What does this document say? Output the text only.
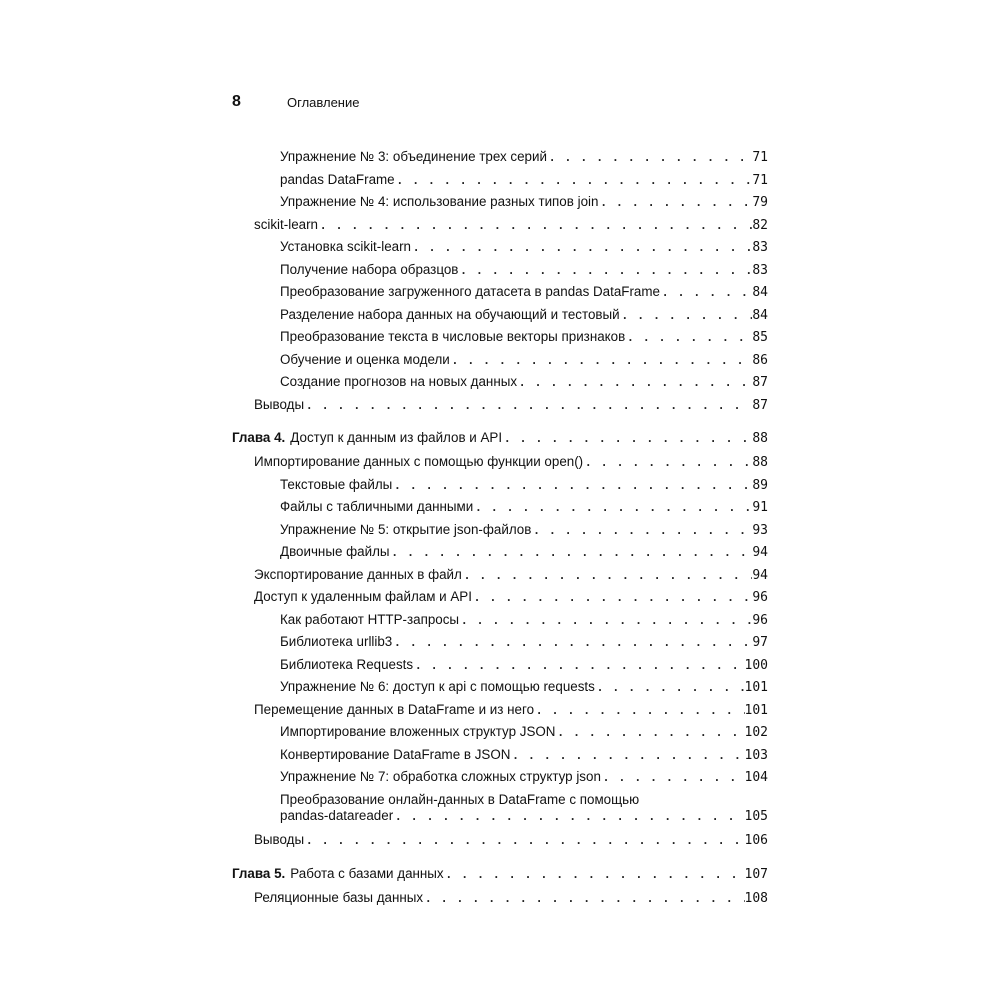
8	Оглавление
Упражнение № 3: объединение трех серий . . .	71
pandas DataFrame . . .	71
Упражнение № 4: использование разных типов join . . .	79
scikit-learn . . .	82
Установка scikit-learn . . .	83
Получение набора образцов . . .	83
Преобразование загруженного датасета в pandas DataFrame . . .	84
Разделение набора данных на обучающий и тестовый . . .	84
Преобразование текста в числовые векторы признаков . . .	85
Обучение и оценка модели . . .	86
Создание прогнозов на новых данных . . .	87
Выводы . . .	87
Глава 4. Доступ к данным из файлов и API . . .	88
Импортирование данных с помощью функции open() . . .	88
Текстовые файлы . . .	89
Файлы с табличными данными . . .	91
Упражнение № 5: открытие json-файлов . . .	93
Двоичные файлы . . .	94
Экспортирование данных в файл . . .	94
Доступ к удаленным файлам и API . . .	96
Как работают HTTP-запросы . . .	96
Библиотека urllib3 . . .	97
Библиотека Requests . . .	100
Упражнение № 6: доступ к api с помощью requests . . .	101
Перемещение данных в DataFrame и из него . . .	101
Импортирование вложенных структур JSON . . .	102
Конвертирование DataFrame в JSON . . .	103
Упражнение № 7: обработка сложных структур json . . .	104
Преобразование онлайн-данных в DataFrame с помощью
pandas-datareader . . .	105
Выводы . . .	106
Глава 5. Работа с базами данных . . .	107
Реляционные базы данных . . .	108
